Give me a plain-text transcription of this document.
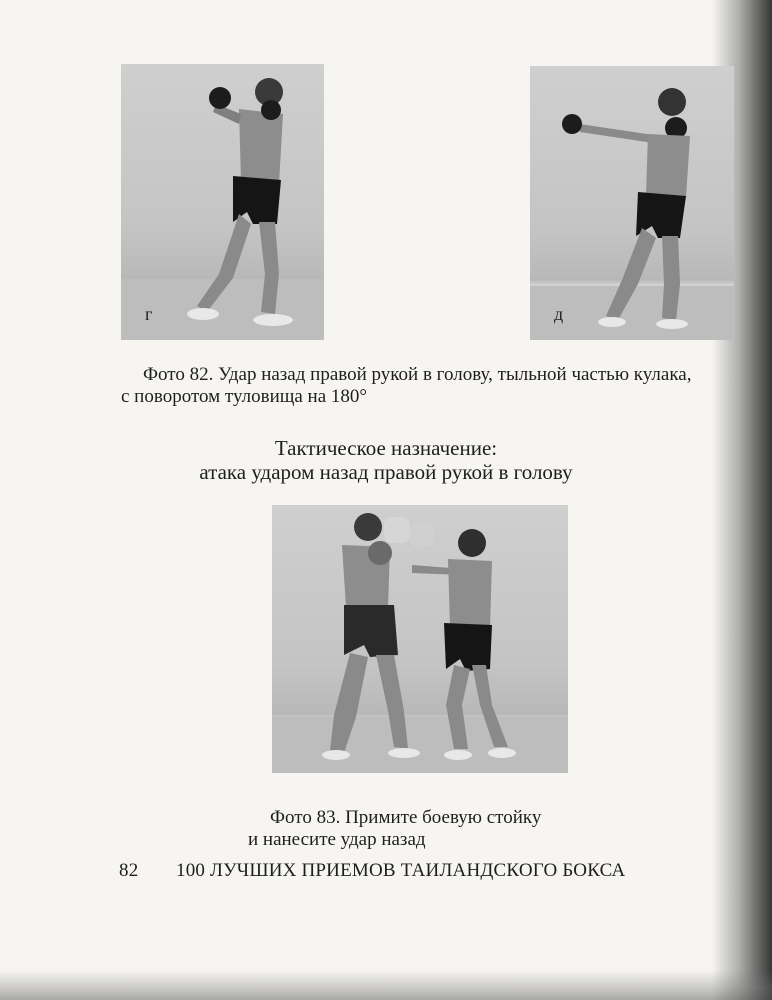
г	д
Фото 82. Удар назад правой рукой в голову, тыльной частью кулака,
с поворотом туловища на 180°
Тактическое назначение:
атака ударом назад правой рукой в голову
Фото 83. Примите боевую стойку
и нанесите удар назад
82 100 ЛУЧШИХ ПРИЕМОВ ТАИЛАНДСКОГО БОКСА
